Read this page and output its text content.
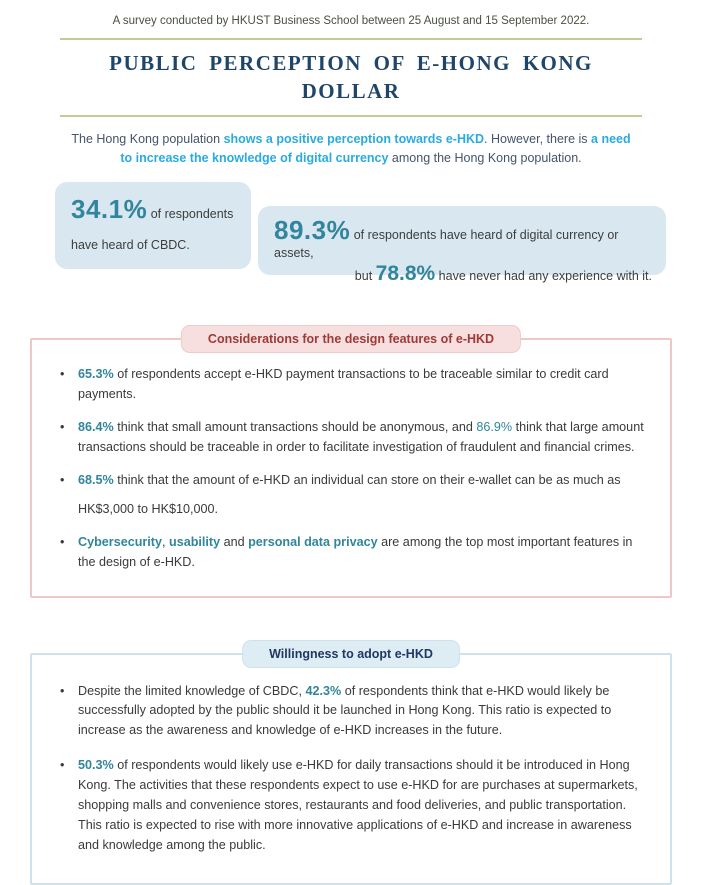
A survey conducted by HKUST Business School between 25 August and 15 September 2022.
PUBLIC PERCEPTION OF E-HONG KONG DOLLAR
The Hong Kong population shows a positive perception towards e-HKD. However, there is a need to increase the knowledge of digital currency among the Hong Kong population.
34.1% of respondents
have heard of CBDC.	89.3% of respondents have heard of digital currency or assets,
but 78.8% have never had any experience with it.
Considerations for the design features of e-HKD
• 65.3% of respondents accept e-HKD payment transactions to be traceable similar to credit card payments.
• 86.4% think that small amount transactions should be anonymous, and 86.9% think that large amount transactions should be traceable in order to facilitate investigation of fraudulent and financial crimes.
• 68.5% think that the amount of e-HKD an individual can store on their e-wallet can be as much as
HK$3,000 to HK$10,000.
• Cybersecurity, usability and personal data privacy are among the top most important features in the design of e-HKD.
Willingness to adopt e-HKD
• Despite the limited knowledge of CBDC, 42.3% of respondents think that e-HKD would likely be successfully adopted by the public should it be launched in Hong Kong. This ratio is expected to increase as the awareness and knowledge of e-HKD increases in the future.
• 50.3% of respondents would likely use e-HKD for daily transactions should it be introduced in Hong Kong. The activities that these respondents expect to use e-HKD for are purchases at supermarkets, shopping malls and convenience stores, restaurants and food deliveries, and public transportation. This ratio is expected to rise with more innovative applications of e-HKD and increase in awareness and knowledge among the public.
